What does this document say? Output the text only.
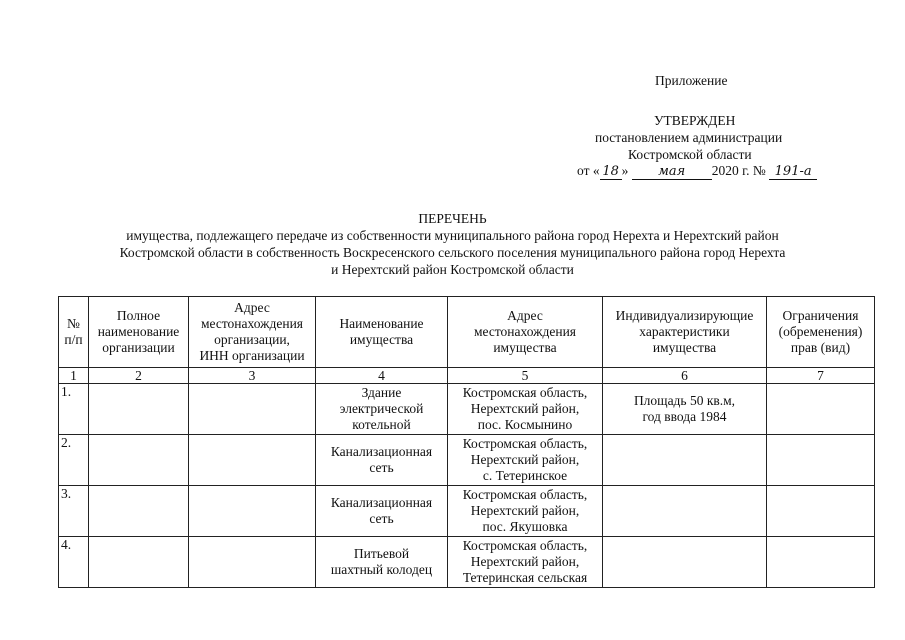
Приложение
УТВЕРЖДЕН
постановлением администрации
Костромской области
от « 18 » мая 2020 г. № 191-а
ПЕРЕЧЕНЬ
имущества, подлежащего передаче из собственности муниципального района город Нерехта и Нерехтский район
Костромской области в собственность Воскресенского сельского поселения муниципального района город Нерехта
и Нерехтский район Костромской области
№
п/п	Полное
наименование
организации	Адрес
местонахождения
организации,
ИНН организации	Наименование
имущества	Адрес
местонахождения
имущества	Индивидуализирующие
характеристики
имущества	Ограничения
(обременения)
прав (вид)
1	2	3	4	5	6	7
1.			Здание
электрической
котельной	Костромская область,
Нерехтский район,
пос. Космынино	Площадь 50 кв.м,
год ввода 1984	
2.			Канализационная
сеть	Костромская область,
Нерехтский район,
с. Тетеринское		
3.			Канализационная
сеть	Костромская область,
Нерехтский район,
пос. Якушовка		
4.			Питьевой
шахтный колодец	Костромская область,
Нерехтский район,
Тетеринская сельская		
